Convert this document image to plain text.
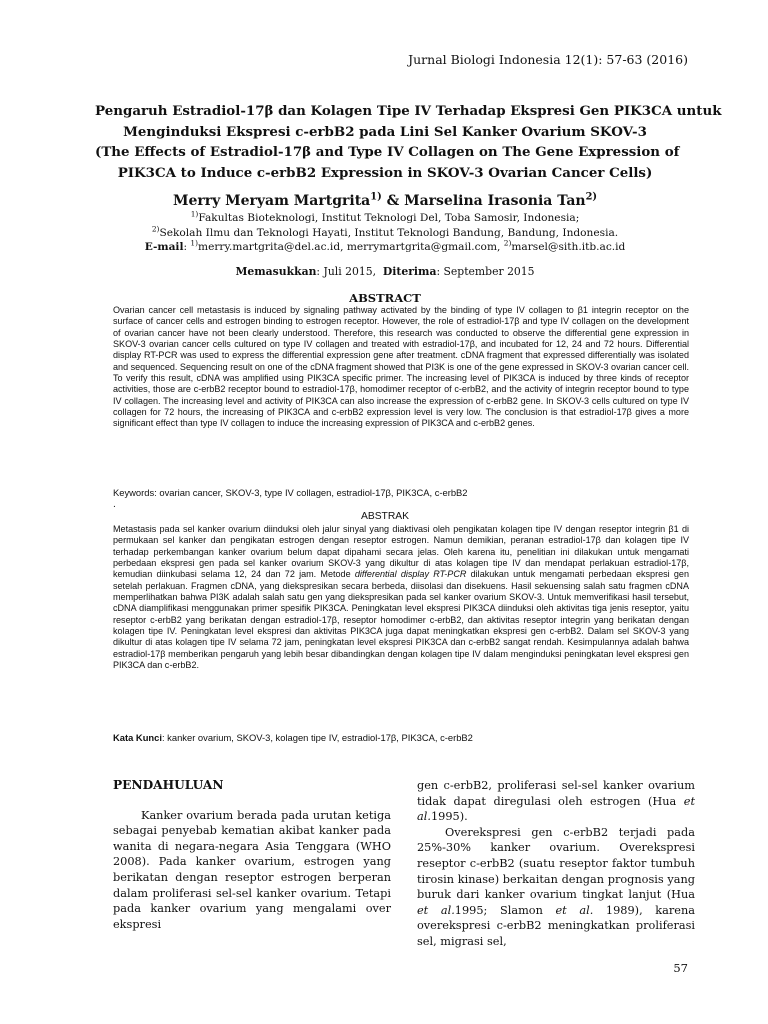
Jurnal Biologi Indonesia 12(1): 57-63 (2016)
Pengaruh Estradiol-17β dan Kolagen Tipe IV Terhadap Ekspresi Gen PIK3CA untuk
Menginduksi Ekspresi c-erbB2 pada Lini Sel Kanker Ovarium SKOV-3
(The Effects of Estradiol-17β and Type IV Collagen on The Gene Expression of
PIK3CA to Induce c-erbB2 Expression in SKOV-3 Ovarian Cancer Cells)
Merry Meryam Martgrita$^{1)}$ & Marselina Irasonia Tan$^{2)}$
$^{1)}$Fakultas Bioteknologi, Institut Teknologi Del, Toba Samosir, Indonesia;
$^{2)}$Sekolah Ilmu dan Teknologi Hayati, Institut Teknologi Bandung, Bandung, Indonesia.
E-mail: $^{1)}$merry.martgrita@del.ac.id, merrymartgrita@gmail.com, $^{2)}$marsel@sith.itb.ac.id
Memasukkan: Juli 2015, Diterima: September 2015
ABSTRACT
Ovarian cancer cell metastasis is induced by signaling pathway activated by the binding of type IV collagen to β1 integrin receptor on the surface of cancer cells and estrogen binding to estrogen receptor. However, the role of estradiol-17β and type IV collagen on the development of ovarian cancer have not been clearly understood. Therefore, this research was conducted to observe the differential gene expression in SKOV-3 ovarian cancer cells cultured on type IV collagen and treated with estradiol-17β, and incubated for 12, 24 and 72 hours. Differential display RT-PCR was used to express the differential expression gene after treatment. cDNA fragment that expressed differentially was isolated and sequenced. Sequencing result on one of the cDNA fragment showed that PI3K is one of the gene expressed in SKOV-3 ovarian cancer cell. To verify this result, cDNA was amplified using PIK3CA specific primer. The increasing level of PIK3CA is induced by three kinds of receptor activities, those are c-erbB2 receptor bound to estradiol-17β, homodimer receptor of c-erbB2, and the activity of integrin receptor bound to type IV collagen. The increasing level and activity of PIK3CA can also increase the expression of c-erbB2 gene. In SKOV-3 cells cultured on type IV collagen for 72 hours, the increasing of PIK3CA and c-erbB2 expression level is very low. The conclusion is that estradiol-17β gives a more significant effect than type IV collagen to induce the increasing expression of PIK3CA and c-erbB2 genes.
Keywords: ovarian cancer, SKOV-3, type IV collagen, estradiol-17β, PIK3CA, c-erbB2
.
ABSTRAK
Metastasis pada sel kanker ovarium diinduksi oleh jalur sinyal yang diaktivasi oleh pengikatan kolagen tipe IV dengan reseptor integrin β1 di permukaan sel kanker dan pengikatan estrogen dengan reseptor estrogen. Namun demikian, peranan estradiol-17β dan kolagen tipe IV terhadap perkembangan kanker ovarium belum dapat dipahami secara jelas. Oleh karena itu, penelitian ini dilakukan untuk mengamati perbedaan ekspresi gen pada sel kanker ovarium SKOV-3 yang dikultur di atas kolagen tipe IV dan mendapat perlakuan estradiol-17β, kemudian diinkubasi selama 12, 24 dan 72 jam. Metode differential display RT-PCR dilakukan untuk mengamati perbedaan ekspresi gen setelah perlakuan. Fragmen cDNA, yang diekspresikan secara berbeda, diisolasi dan disekuens. Hasil sekuensing salah satu fragmen cDNA memperlihatkan bahwa PI3K adalah salah satu gen yang diekspresikan pada sel kanker ovarium SKOV-3. Untuk memverifikasi hasil tersebut, cDNA diamplifikasi menggunakan primer spesifik PIK3CA. Peningkatan level ekspresi PIK3CA diinduksi oleh aktivitas tiga jenis reseptor, yaitu reseptor c-erbB2 yang berikatan dengan estradiol-17β, reseptor homodimer c-erbB2, dan aktivitas reseptor integrin yang berikatan dengan kolagen tipe IV. Peningkatan level ekspresi dan aktivitas PIK3CA juga dapat meningkatkan ekspresi gen c-erbB2. Dalam sel SKOV-3 yang dikultur di atas kolagen tipe IV selama 72 jam, peningkatan level ekspresi PIK3CA dan c-erbB2 sangat rendah. Kesimpulannya adalah bahwa estradiol-17β memberikan pengaruh yang lebih besar dibandingkan dengan kolagen tipe IV dalam menginduksi peningkatan level ekspresi gen PIK3CA dan c-erbB2.
Kata Kunci: kanker ovarium, SKOV-3, kolagen tipe IV, estradiol-17β, PIK3CA, c-erbB2
PENDAHULUAN

Kanker ovarium berada pada urutan ketiga sebagai penyebab kematian akibat kanker pada wanita di negara-negara Asia Tenggara (WHO 2008). Pada kanker ovarium, estrogen yang berikatan dengan reseptor estrogen berperan dalam proliferasi sel-sel kanker ovarium. Tetapi pada kanker ovarium yang mengalami over ekspresi

gen c-erbB2, proliferasi sel-sel kanker ovarium tidak dapat diregulasi oleh estrogen (Hua et al.1995).

Overekspresi gen c-erbB2 terjadi pada 25%-30% kanker ovarium. Overekspresi reseptor c-erbB2 (suatu reseptor faktor tumbuh tirosin kinase) berkaitan dengan prognosis yang buruk dari kanker ovarium tingkat lanjut (Hua et al.1995; Slamon et al. 1989), karena overekspresi c-erbB2 meningkatkan proliferasi sel, migrasi sel,

57
